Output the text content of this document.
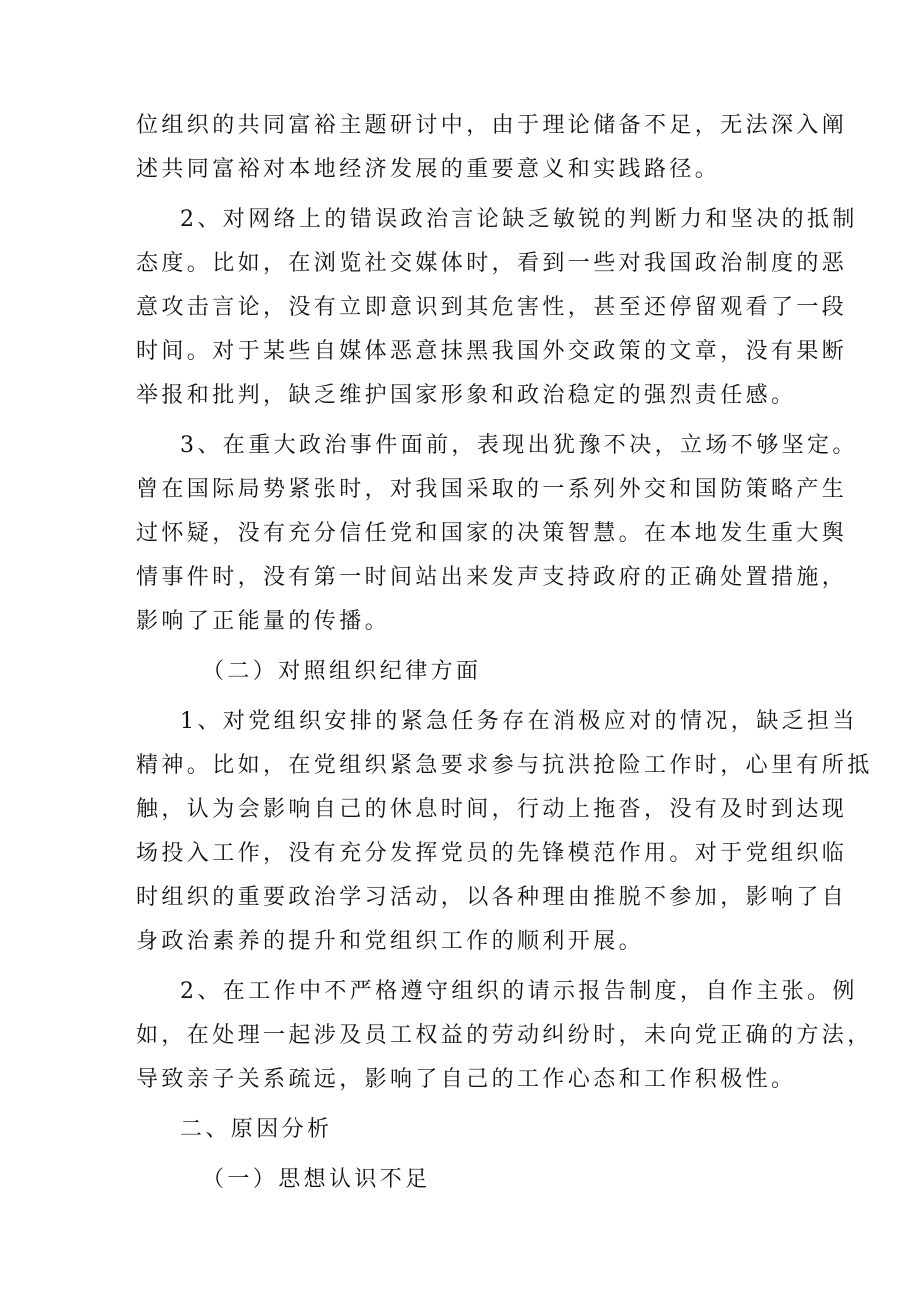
位组织的共同富裕主题研讨中，由于理论储备不足，无法深入阐
述共同富裕对本地经济发展的重要意义和实践路径。
2、对网络上的错误政治言论缺乏敏锐的判断力和坚决的抵制
态度。比如，在浏览社交媒体时，看到一些对我国政治制度的恶
意攻击言论，没有立即意识到其危害性，甚至还停留观看了一段
时间。对于某些自媒体恶意抹黑我国外交政策的文章，没有果断
举报和批判，缺乏维护国家形象和政治稳定的强烈责任感。
3、在重大政治事件面前，表现出犹豫不决，立场不够坚定。
曾在国际局势紧张时，对我国采取的一系列外交和国防策略产生
过怀疑，没有充分信任党和国家的决策智慧。在本地发生重大舆
情事件时，没有第一时间站出来发声支持政府的正确处置措施，
影响了正能量的传播。
（二）对照组织纪律方面
1、对党组织安排的紧急任务存在消极应对的情况，缺乏担当
精神。比如，在党组织紧急要求参与抗洪抢险工作时，心里有所抵
触，认为会影响自己的休息时间，行动上拖沓，没有及时到达现
场投入工作，没有充分发挥党员的先锋模范作用。对于党组织临
时组织的重要政治学习活动，以各种理由推脱不参加，影响了自
身政治素养的提升和党组织工作的顺利开展。
2、在工作中不严格遵守组织的请示报告制度，自作主张。例
如，在处理一起涉及员工权益的劳动纠纷时，未向党正确的方法，
导致亲子关系疏远，影响了自己的工作心态和工作积极性。
二、原因分析
（一）思想认识不足
